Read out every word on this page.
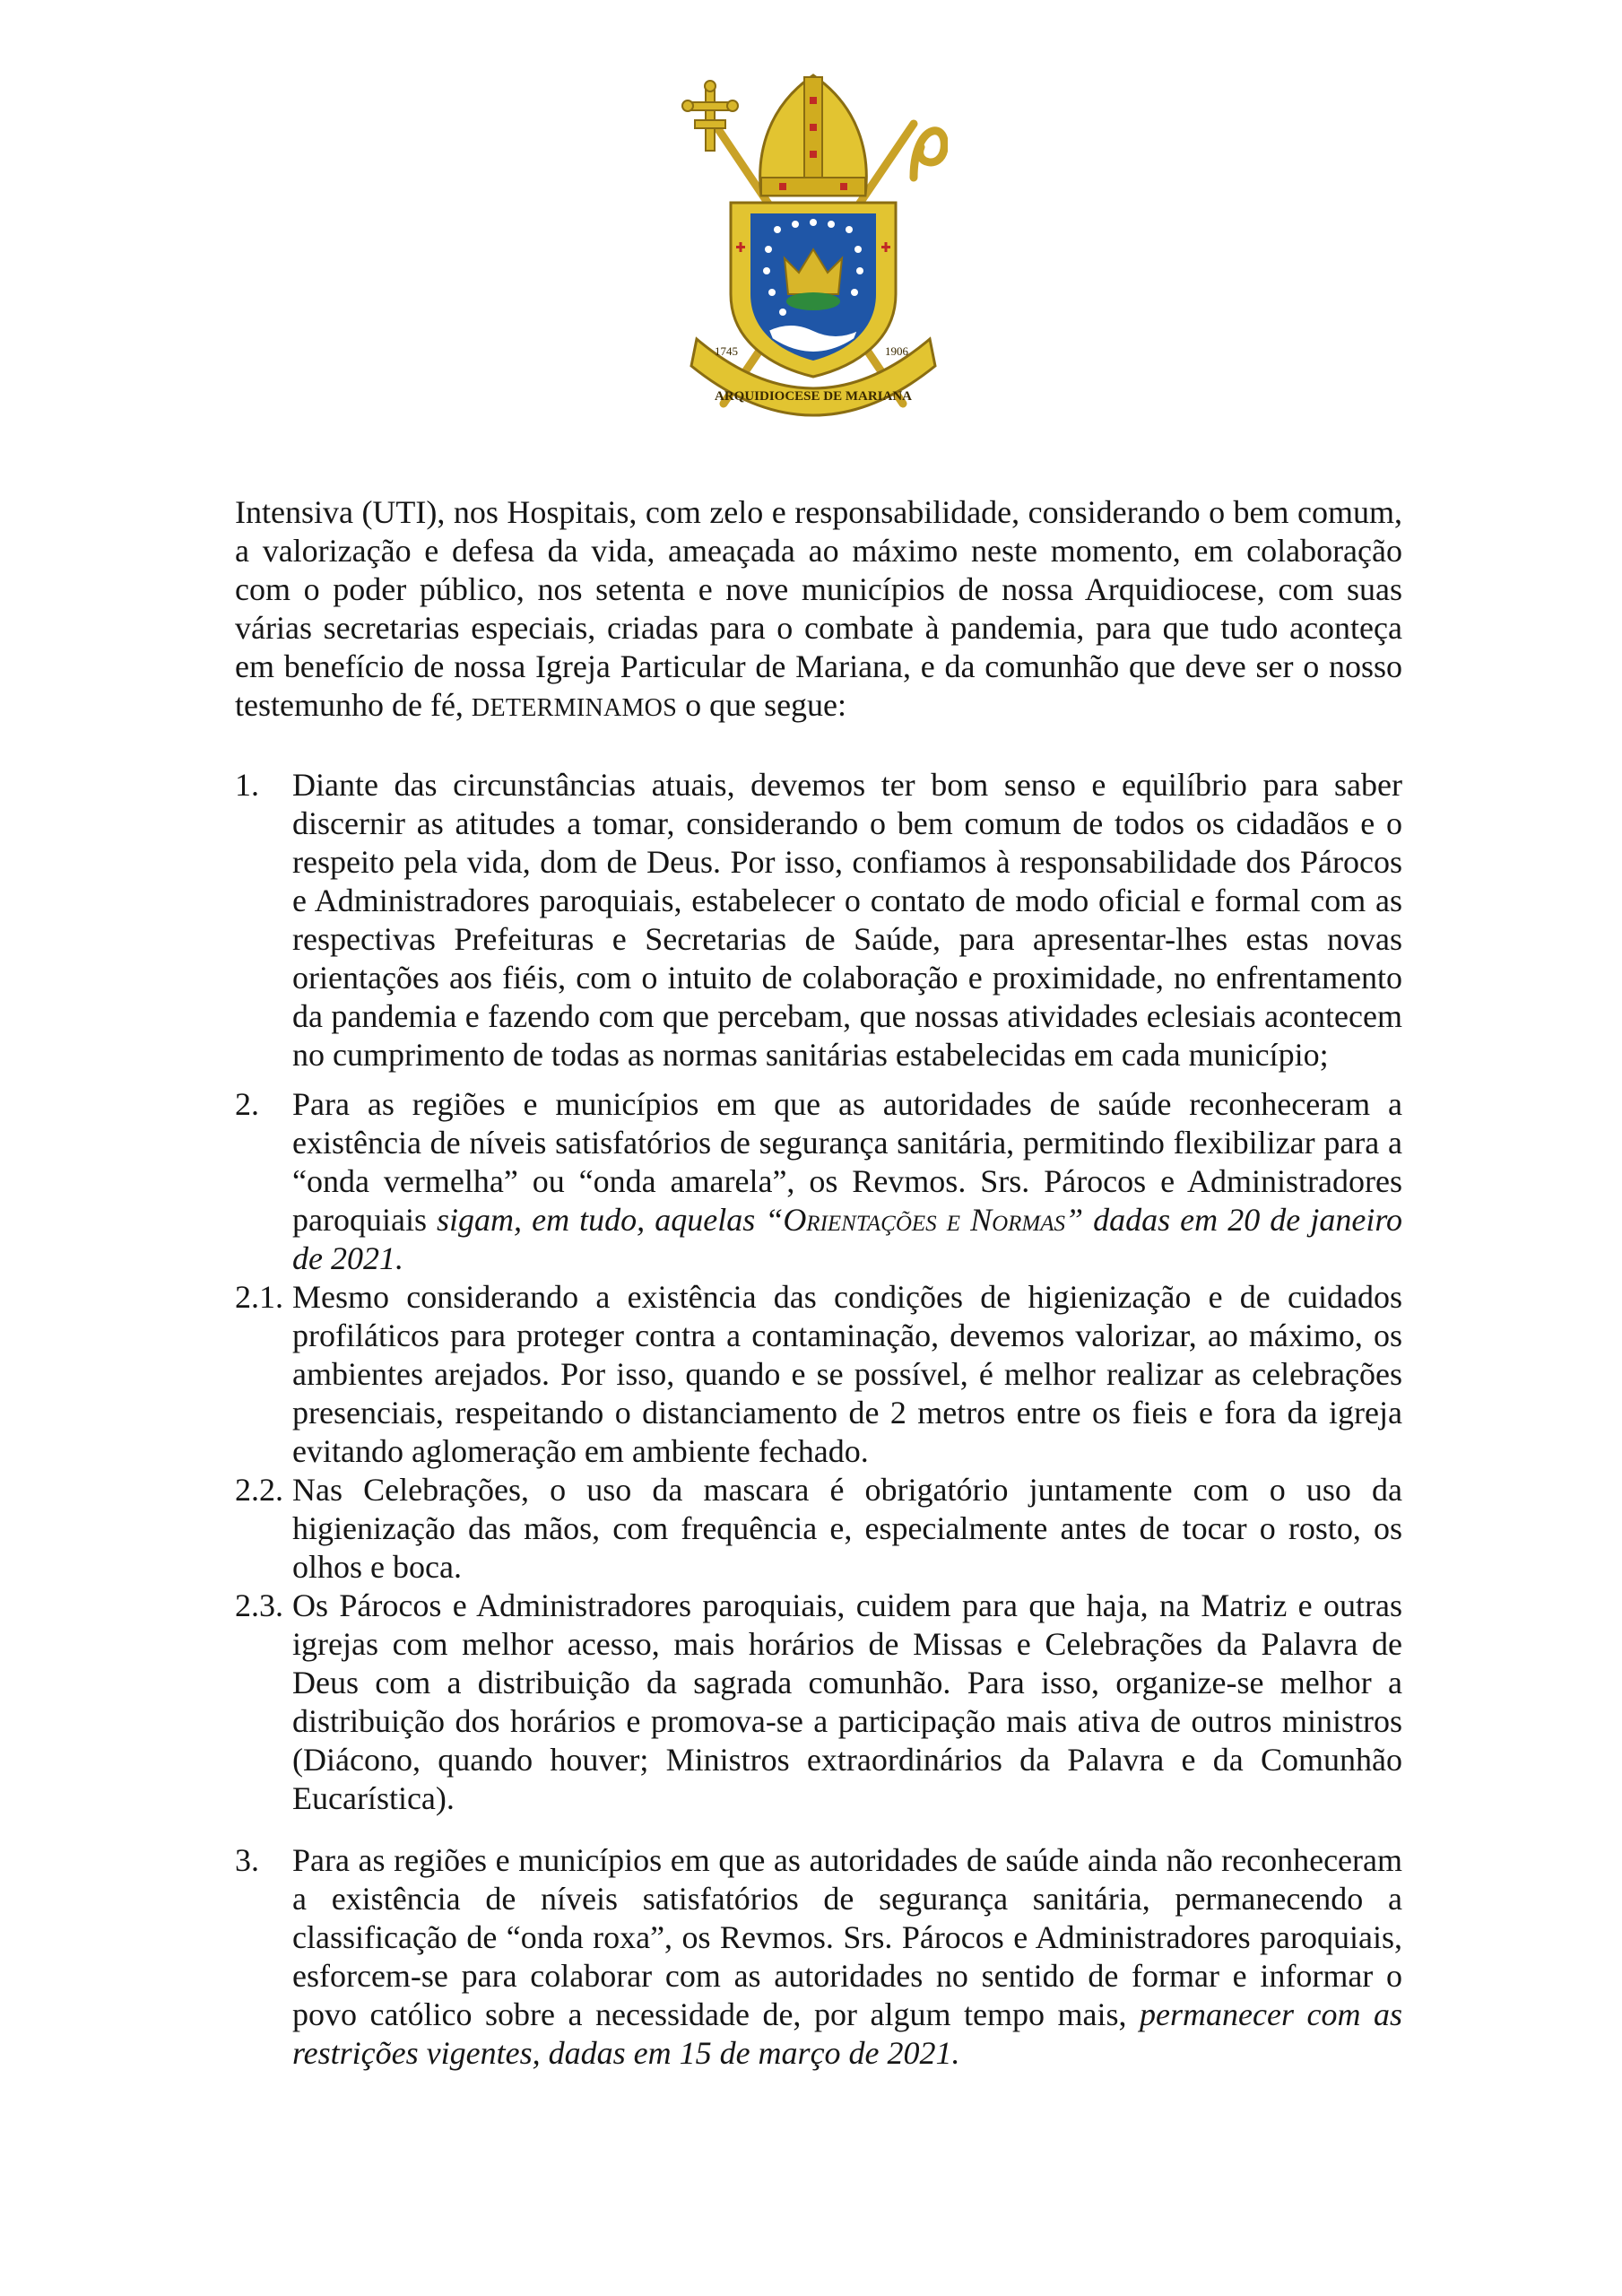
1745	1906
ARQUIDIOCESE DE MARIANA

Intensiva (UTI), nos Hospitais, com zelo e responsabilidade, considerando o bem comum, a valorização e defesa da vida, ameaçada ao máximo neste momento, em colaboração com o poder público, nos setenta e nove municípios de nossa Arquidiocese, com suas várias secretarias especiais, criadas para o combate à pandemia, para que tudo aconteça em benefício de nossa Igreja Particular de Mariana, e da comunhão que deve ser o nosso testemunho de fé, DETERMINAMOS o que segue:

1. Diante das circunstâncias atuais, devemos ter bom senso e equilíbrio para saber discernir as atitudes a tomar, considerando o bem comum de todos os cidadãos e o respeito pela vida, dom de Deus. Por isso, confiamos à responsabilidade dos Párocos e Administradores paroquiais, estabelecer o contato de modo oficial e formal com as respectivas Prefeituras e Secretarias de Saúde, para apresentar-lhes estas novas orientações aos fiéis, com o intuito de colaboração e proximidade, no enfrentamento da pandemia e fazendo com que percebam, que nossas atividades eclesiais acontecem no cumprimento de todas as normas sanitárias estabelecidas em cada município;
2. Para as regiões e municípios em que as autoridades de saúde reconheceram a existência de níveis satisfatórios de segurança sanitária, permitindo flexibilizar para a “onda vermelha” ou “onda amarela”, os Revmos. Srs. Párocos e Administradores paroquiais sigam, em tudo, aquelas “Orientações e Normas” dadas em 20 de janeiro de 2021.
2.1. Mesmo considerando a existência das condições de higienização e de cuidados profiláticos para proteger contra a contaminação, devemos valorizar, ao máximo, os ambientes arejados. Por isso, quando e se possível, é melhor realizar as celebrações presenciais, respeitando o distanciamento de 2 metros entre os fieis e fora da igreja evitando aglomeração em ambiente fechado.
2.2. Nas Celebrações, o uso da mascara é obrigatório juntamente com o uso da higienização das mãos, com frequência e, especialmente antes de tocar o rosto, os olhos e boca.
2.3. Os Párocos e Administradores paroquiais, cuidem para que haja, na Matriz e outras igrejas com melhor acesso, mais horários de Missas e Celebrações da Palavra de Deus com a distribuição da sagrada comunhão. Para isso, organize-se melhor a distribuição dos horários e promova-se a participação mais ativa de outros ministros (Diácono, quando houver; Ministros extraordinários da Palavra e da Comunhão Eucarística).
3. Para as regiões e municípios em que as autoridades de saúde ainda não reconheceram a existência de níveis satisfatórios de segurança sanitária, permanecendo a classificação de “onda roxa”, os Revmos. Srs. Párocos e Administradores paroquiais, esforcem-se para colaborar com as autoridades no sentido de formar e informar o povo católico sobre a necessidade de, por algum tempo mais, permanecer com as restrições vigentes, dadas em 15 de março de 2021.
